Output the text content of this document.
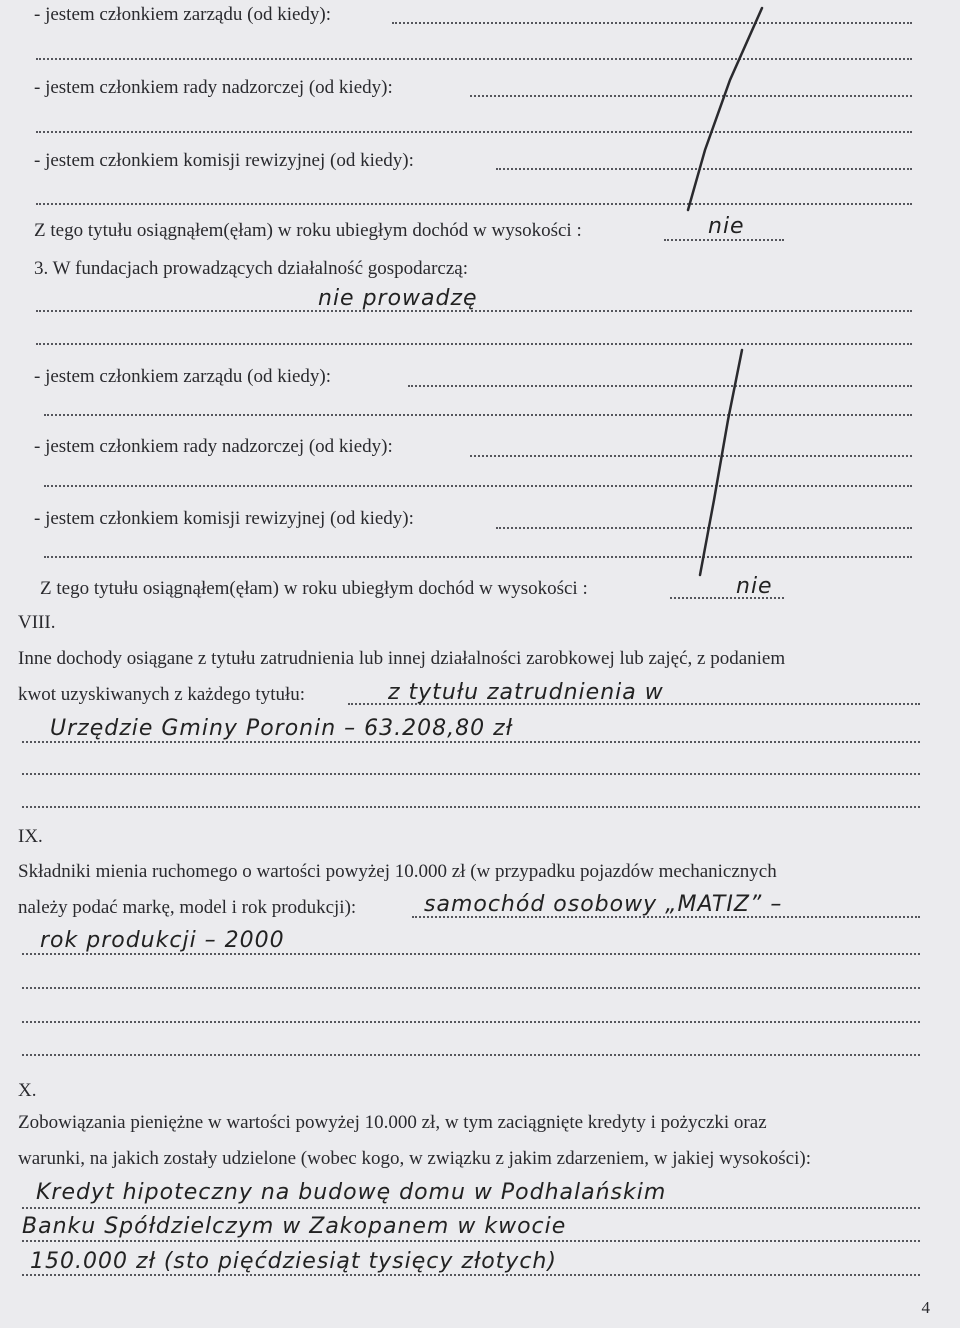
- jestem członkiem zarządu (od kiedy):
- jestem członkiem rady nadzorczej (od kiedy):
- jestem członkiem komisji rewizyjnej (od kiedy):
Z tego tytułu osiągnąłem(ęłam) w roku ubiegłym dochód w wysokości :	nie
3. W fundacjach prowadzących działalność gospodarczą:
nie prowadzę
- jestem członkiem zarządu (od kiedy):
- jestem członkiem rady nadzorczej (od kiedy):
- jestem członkiem komisji rewizyjnej (od kiedy):
Z tego tytułu osiągnąłem(ęłam) w roku ubiegłym dochód w wysokości :	nie
VIII.
Inne dochody osiągane z tytułu zatrudnienia lub innej działalności zarobkowej lub zajęć, z podaniem
kwot uzyskiwanych z każdego tytułu:	z tytułu zatrudnienia w
Urzędzie Gminy Poronin – 63.208,80 zł
IX.
Składniki mienia ruchomego o wartości powyżej 10.000 zł (w przypadku pojazdów mechanicznych
należy podać markę, model i rok produkcji):	samochód osobowy „MATIZ” –
rok produkcji – 2000
X.
Zobowiązania pieniężne w wartości powyżej 10.000 zł, w tym zaciągnięte kredyty i pożyczki oraz
warunki, na jakich zostały udzielone (wobec kogo, w związku z jakim zdarzeniem, w jakiej wysokości):
Kredyt hipoteczny na budowę domu w Podhalańskim
Banku Spółdzielczym w Zakopanem w kwocie
150.000 zł (sto pięćdziesiąt tysięcy złotych)
4
